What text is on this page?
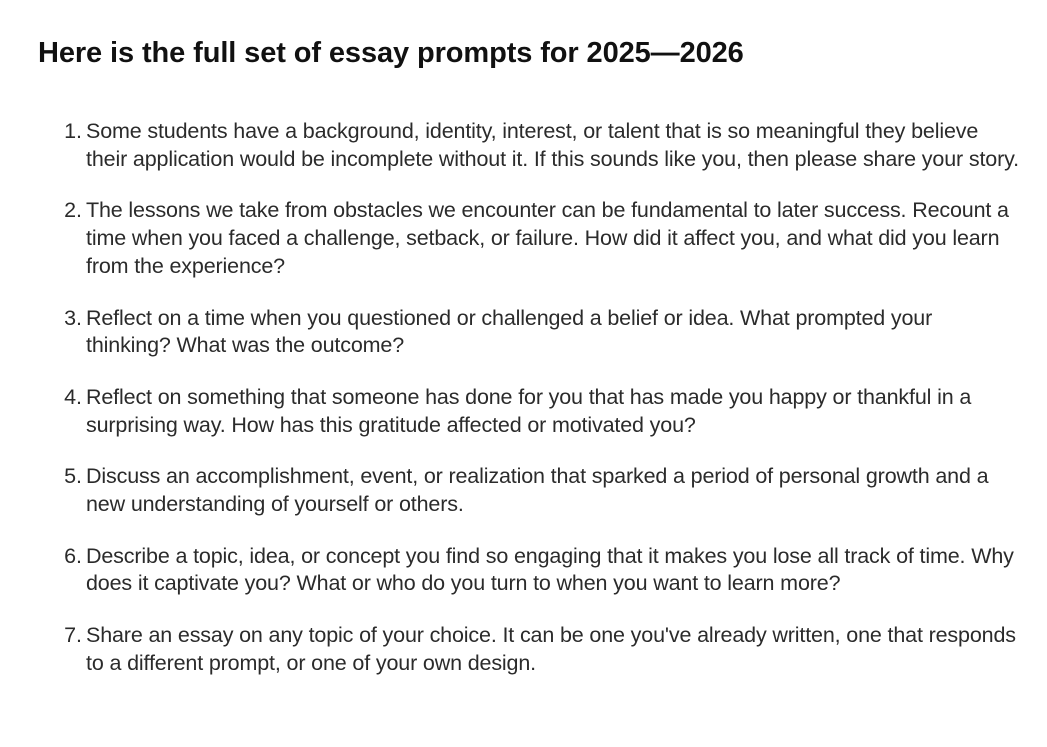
Here is the full set of essay prompts for 2025—2026
1. Some students have a background, identity, interest, or talent that is so meaningful they believe their application would be incomplete without it. If this sounds like you, then please share your story.
2. The lessons we take from obstacles we encounter can be fundamental to later success. Recount a time when you faced a challenge, setback, or failure. How did it affect you, and what did you learn from the experience?
3. Reflect on a time when you questioned or challenged a belief or idea. What prompted your thinking? What was the outcome?
4. Reflect on something that someone has done for you that has made you happy or thankful in a surprising way. How has this gratitude affected or motivated you?
5. Discuss an accomplishment, event, or realization that sparked a period of personal growth and a new understanding of yourself or others.
6. Describe a topic, idea, or concept you find so engaging that it makes you lose all track of time. Why does it captivate you? What or who do you turn to when you want to learn more?
7. Share an essay on any topic of your choice. It can be one you've already written, one that responds to a different prompt, or one of your own design.
